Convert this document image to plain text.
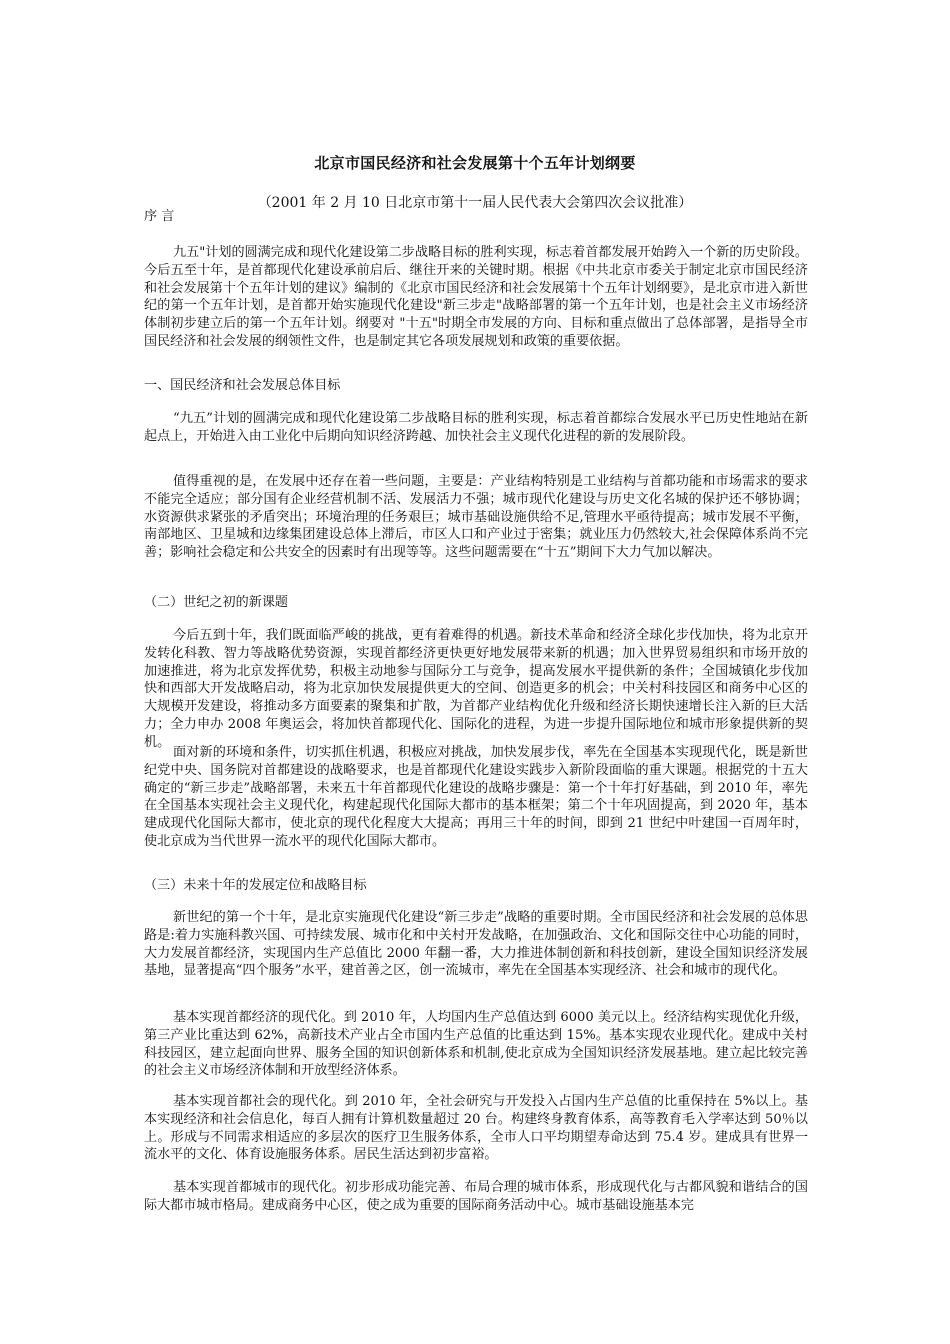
北京市国民经济和社会发展第十个五年计划纲要
（2001 年 2 月 10 日北京市第十一届人民代表大会第四次会议批准）
序 言
九五"计划的圆满完成和现代化建设第二步战略目标的胜利实现，标志着首都发展开始跨入一个新的历史阶段。今后五至十年，是首都现代化建设承前启后、继往开来的关键时期。根据《中共北京市委关于制定北京市国民经济和社会发展第十个五年计划的建议》编制的《北京市国民经济和社会发展第十个五年计划纲要》，是北京市进入新世纪的第一个五年计划，是首都开始实施现代化建设"新三步走"战略部署的第一个五年计划，也是社会主义市场经济体制初步建立后的第一个五年计划。纲要对 "十五"时期全市发展的方向、目标和重点做出了总体部署，是指导全市国民经济和社会发展的纲领性文件，也是制定其它各项发展规划和政策的重要依据。
一、国民经济和社会发展总体目标
“九五”计划的圆满完成和现代化建设第二步战略目标的胜利实现，标志着首都综合发展水平已历史性地站在新起点上，开始进入由工业化中后期向知识经济跨越、加快社会主义现代化进程的新的发展阶段。
值得重视的是，在发展中还存在着一些问题，主要是：产业结构特别是工业结构与首都功能和市场需求的要求不能完全适应；部分国有企业经营机制不活、发展活力不强；城市现代化建设与历史文化名城的保护还不够协调；水资源供求紧张的矛盾突出；环境治理的任务艰巨；城市基础设施供给不足,管理水平亟待提高；城市发展不平衡，南部地区、卫星城和边缘集团建设总体上滞后，市区人口和产业过于密集；就业压力仍然较大,社会保障体系尚不完善；影响社会稳定和公共安全的因素时有出现等等。这些问题需要在“十五”期间下大力气加以解决。
（二）世纪之初的新课题
今后五到十年，我们既面临严峻的挑战，更有着难得的机遇。新技术革命和经济全球化步伐加快，将为北京开发转化科教、智力等战略优势资源，实现首都经济更快更好地发展带来新的机遇；加入世界贸易组织和市场开放的加速推进，将为北京发挥优势，积极主动地参与国际分工与竞争，提高发展水平提供新的条件；全国城镇化步伐加快和西部大开发战略启动，将为北京加快发展提供更大的空间、创造更多的机会；中关村科技园区和商务中心区的大规模开发建设，将推动多方面要素的聚集和扩散，为首都产业结构优化升级和经济长期快速增长注入新的巨大活力；全力申办 2008 年奥运会，将加快首都现代化、国际化的进程，为进一步提升国际地位和城市形象提供新的契机。
面对新的环境和条件，切实抓住机遇，积极应对挑战，加快发展步伐，率先在全国基本实现现代化，既是新世纪党中央、国务院对首都建设的战略要求，也是首都现代化建设实践步入新阶段面临的重大课题。根据党的十五大确定的“新三步走”战略部署，未来五十年首都现代化建设的战略步骤是：第一个十年打好基础，到 2010 年，率先在全国基本实现社会主义现代化，构建起现代化国际大都市的基本框架；第二个十年巩固提高，到 2020 年，基本建成现代化国际大都市，使北京的现代化程度大大提高；再用三十年的时间，即到 21 世纪中叶建国一百周年时，使北京成为当代世界一流水平的现代化国际大都市。
（三）未来十年的发展定位和战略目标
新世纪的第一个十年，是北京实施现代化建设“新三步走”战略的重要时期。全市国民经济和社会发展的总体思路是:着力实施科教兴国、可持续发展、城市化和中关村开发战略，在加强政治、文化和国际交往中心功能的同时，大力发展首都经济，实现国内生产总值比 2000 年翻一番，大力推进体制创新和科技创新，建设全国知识经济发展基地，显著提高“四个服务”水平，建首善之区，创一流城市，率先在全国基本实现经济、社会和城市的现代化。
基本实现首都经济的现代化。到 2010 年，人均国内生产总值达到 6000 美元以上。经济结构实现优化升级，第三产业比重达到 62%，高新技术产业占全市国内生产总值的比重达到 15%。基本实现农业现代化。建成中关村科技园区，建立起面向世界、服务全国的知识创新体系和机制,使北京成为全国知识经济发展基地。建立起比较完善的社会主义市场经济体制和开放型经济体系。
基本实现首都社会的现代化。到 2010 年，全社会研究与开发投入占国内生产总值的比重保持在 5%以上。基本实现经济和社会信息化，每百人拥有计算机数量超过 20 台。构建终身教育体系，高等教育毛入学率达到 50％以上。形成与不同需求相适应的多层次的医疗卫生服务体系，全市人口平均期望寿命达到 75.4 岁。建成具有世界一流水平的文化、体育设施服务体系。居民生活达到初步富裕。
基本实现首都城市的现代化。初步形成功能完善、布局合理的城市体系，形成现代化与古都风貌和谐结合的国际大都市城市格局。建成商务中心区，使之成为重要的国际商务活动中心。城市基础设施基本完
